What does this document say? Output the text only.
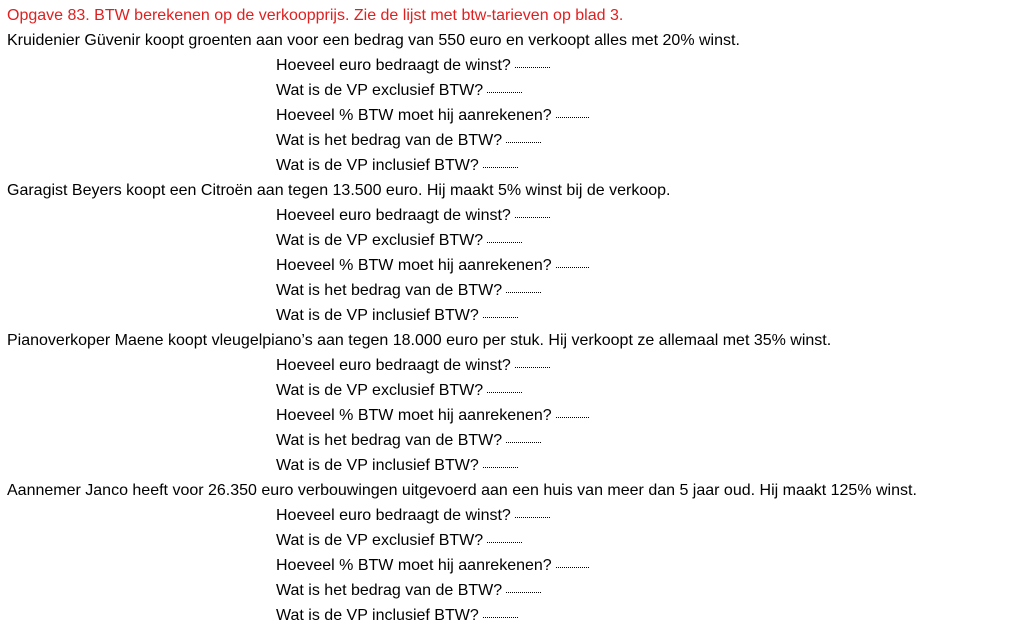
Opgave 83. BTW berekenen op de verkoopprijs. Zie de lijst met btw-tarieven op blad 3.
Kruidenier Güvenir koopt groenten aan voor een bedrag van 550 euro en verkoopt alles met 20% winst.
Hoeveel euro bedraagt de winst?
Wat is de VP exclusief BTW?
Hoeveel % BTW moet hij aanrekenen?
Wat is het bedrag van de BTW?
Wat is de VP inclusief BTW?
Garagist Beyers koopt een Citroën aan tegen 13.500 euro. Hij maakt 5% winst bij de verkoop.
Hoeveel euro bedraagt de winst?
Wat is de VP exclusief BTW?
Hoeveel % BTW moet hij aanrekenen?
Wat is het bedrag van de BTW?
Wat is de VP inclusief BTW?
Pianoverkoper Maene koopt vleugelpiano’s aan tegen 18.000 euro per stuk. Hij verkoopt ze allemaal met 35% winst.
Hoeveel euro bedraagt de winst?
Wat is de VP exclusief BTW?
Hoeveel % BTW moet hij aanrekenen?
Wat is het bedrag van de BTW?
Wat is de VP inclusief BTW?
Aannemer Janco heeft voor 26.350 euro verbouwingen uitgevoerd aan een huis van meer dan 5 jaar oud. Hij maakt 125% winst.
Hoeveel euro bedraagt de winst?
Wat is de VP exclusief BTW?
Hoeveel % BTW moet hij aanrekenen?
Wat is het bedrag van de BTW?
Wat is de VP inclusief BTW?
